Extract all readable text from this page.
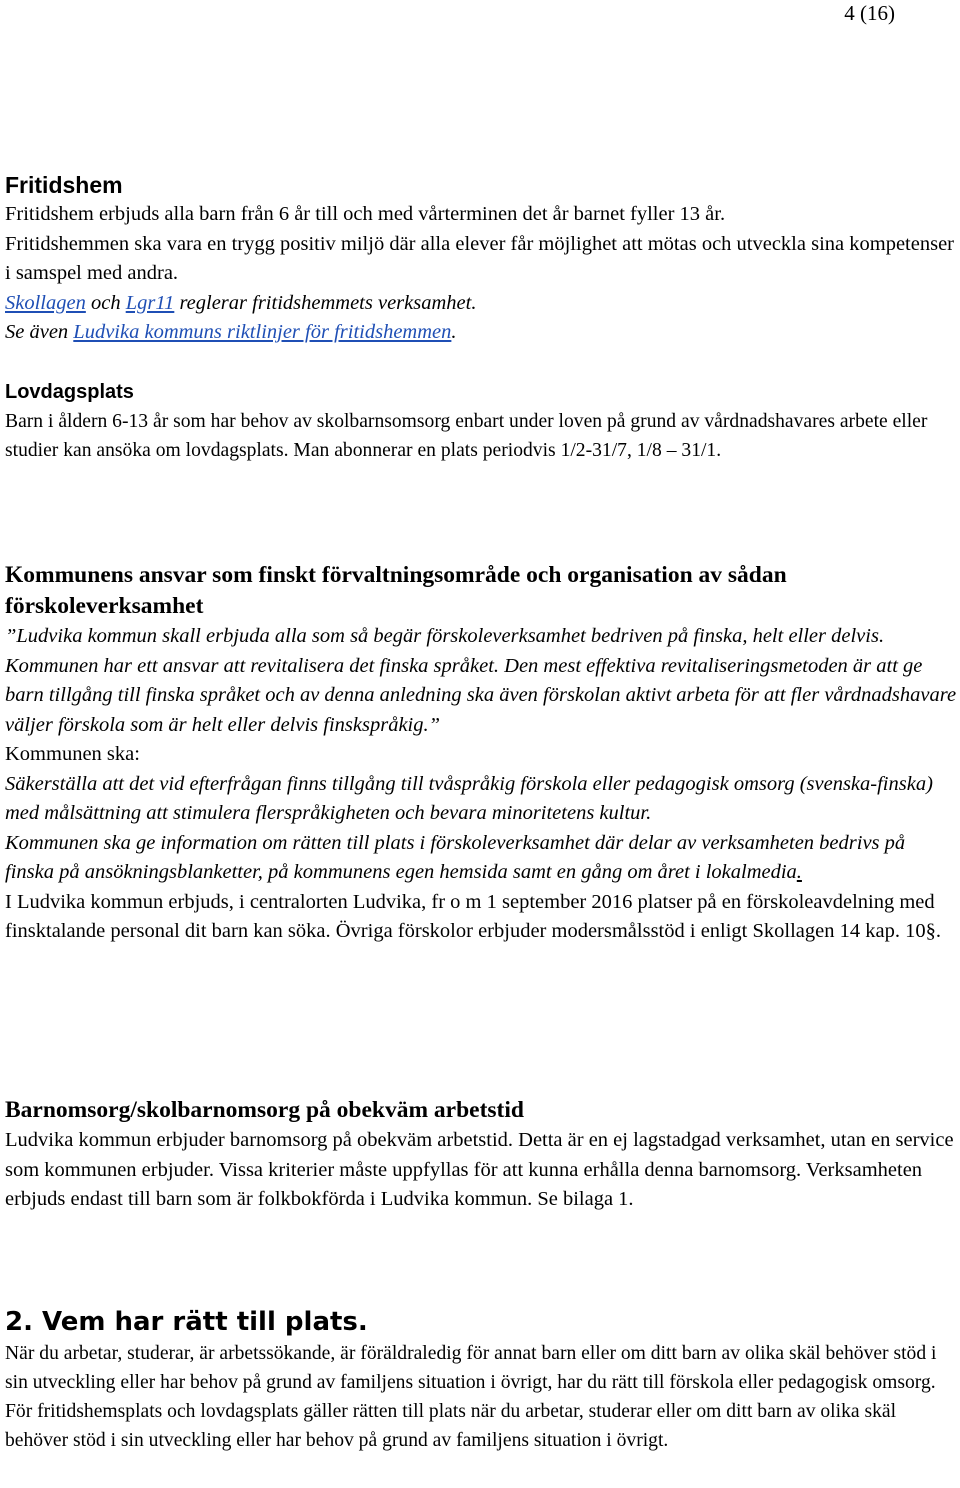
4 (16)

Fritidshem

Fritidshem erbjuds alla barn från 6 år till och med vårterminen det år barnet fyller 13 år.

Fritidshemmen ska vara en trygg positiv miljö där alla elever får möjlighet att mötas och utveckla sina kompetenser i samspel med andra.

Skollagen och Lgr11 reglerar fritidshemmets verksamhet.

Se även Ludvika kommuns riktlinjer för fritidshemmen.

Lovdagsplats

Barn i åldern 6-13 år som har behov av skolbarnsomsorg enbart under loven på grund av vårdnadshavares arbete eller studier kan ansöka om lovdagsplats. Man abonnerar en plats periodvis 1/2-31/7, 1/8 – 31/1.

Kommunens ansvar som finskt förvaltningsområde och organisation av sådan förskoleverksamhet

”Ludvika kommun skall erbjuda alla som så begär förskoleverksamhet bedriven på finska, helt eller delvis. Kommunen har ett ansvar att revitalisera det finska språket. Den mest effektiva revitaliseringsmetoden är att ge barn tillgång till finska språket och av denna anledning ska även förskolan aktivt arbeta för att fler vårdnadshavare väljer förskola som är helt eller delvis finskspråkig.”

Kommunen ska:

Säkerställa att det vid efterfrågan finns tillgång till tvåspråkig förskola eller pedagogisk omsorg (svenska-finska) med målsättning att stimulera flerspråkigheten och bevara minoritetens kultur.

Kommunen ska ge information om rätten till plats i förskoleverksamhet där delar av verksamheten bedrivs på finska på ansökningsblanketter, på kommunens egen hemsida samt en gång om året i lokalmedia.

I Ludvika kommun erbjuds, i centralorten Ludvika, fr o m 1 september 2016 platser på en förskoleavdelning med finsktalande personal dit barn kan söka. Övriga förskolor erbjuder modersmålsstöd i enligt Skollagen 14 kap. 10§.

Barnomsorg/skolbarnomsorg på obekväm arbetstid

Ludvika kommun erbjuder barnomsorg på obekväm arbetstid. Detta är en ej lagstadgad verksamhet, utan en service som kommunen erbjuder. Vissa kriterier måste uppfyllas för att kunna erhålla denna barnomsorg. Verksamheten erbjuds endast till barn som är folkbokförda i Ludvika kommun. Se bilaga 1.

2. Vem har rätt till plats.

När du arbetar, studerar, är arbetssökande, är föräldraledig för annat barn eller om ditt barn av olika skäl behöver stöd i sin utveckling eller har behov på grund av familjens situation i övrigt, har du rätt till förskola eller pedagogisk omsorg. För fritidshemsplats och lovdagsplats gäller rätten till plats när du arbetar, studerar eller om ditt barn av olika skäl behöver stöd i sin utveckling eller har behov på grund av familjens situation i övrigt.
